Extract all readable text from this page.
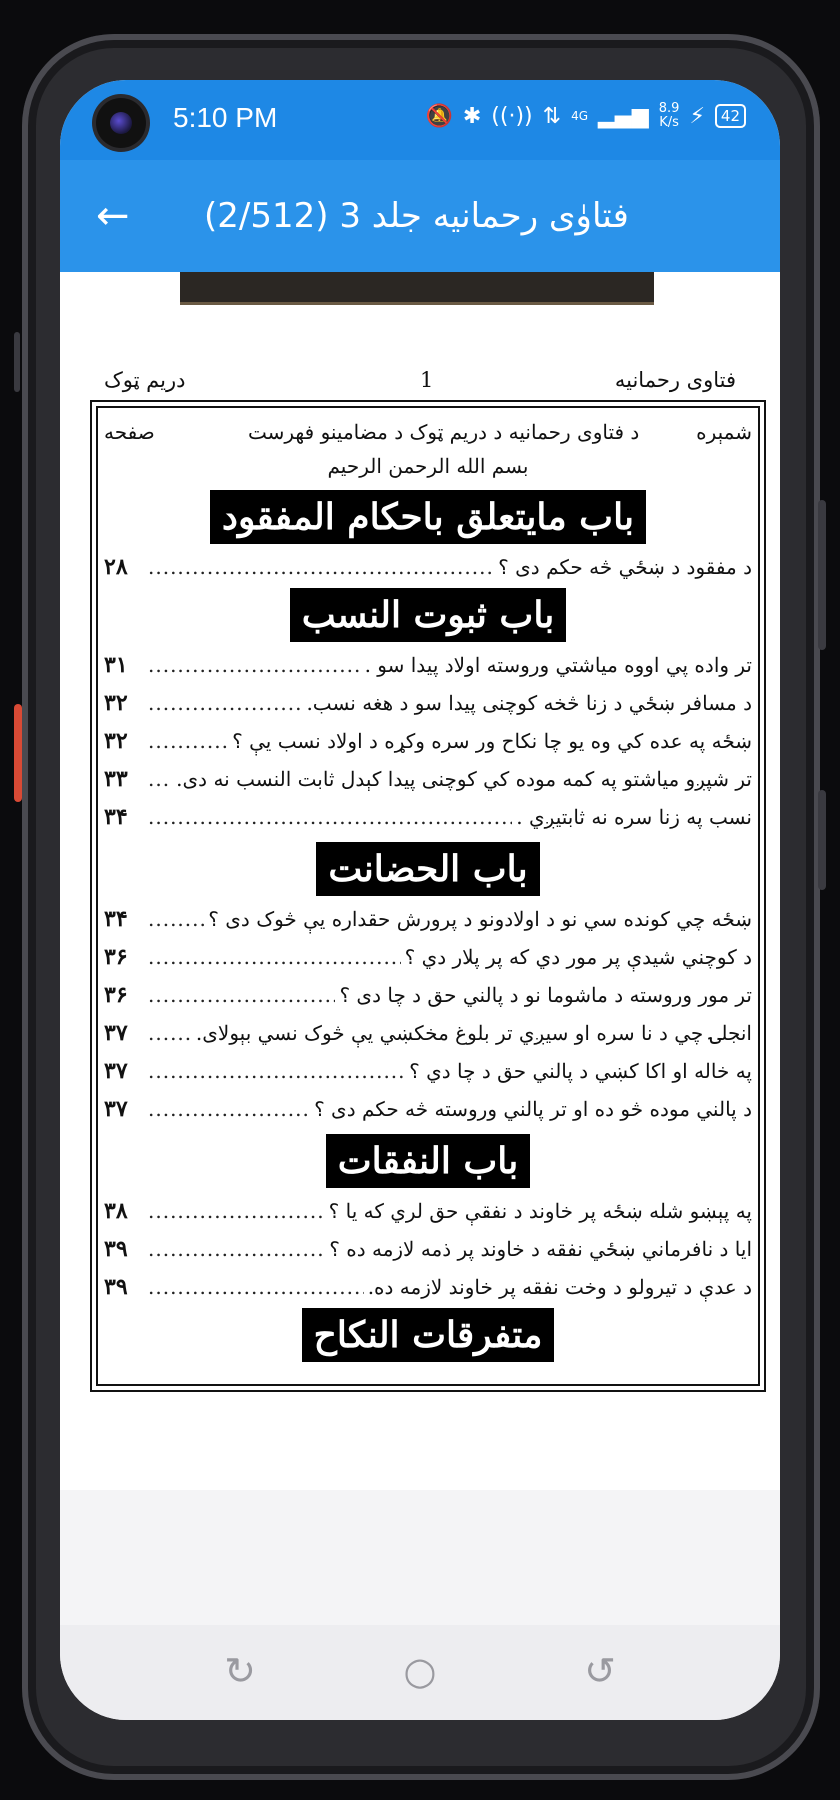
5:10 PM	🔕 ✱ ((·)) ⇅ 4G ▂▄▆ 8.9
K/s ⚡	42
← فتاوٰی رحمانیه جلد 3 (2/512)
دریم ټوک	1	فتاوی رحمانیه
صفحه	د فتاوی رحمانیه د دریم ټوک د مضامینو فهرست	شمېره
بسم الله الرحمن الرحیم
باب مایتعلق باحکام المفقود
۲۸ .....	د مفقود د ښځي څه حکم دی ؟
باب ثبوت النسب
۳۱ .....	تر واده پي اووه میاشتي وروسته اولاد پیدا سو .
۳۲ .....	د مسافر ښځي د زنا څخه کوچنی پیدا سو د هغه نسب.
۳۲ .....	ښځه په عده کي وه یو چا نکاح ور سره وکړه د اولاد نسب یې ؟
۳۳ .....	تر شپږو میاشتو په کمه موده کي کوچنی پیدا کېدل ثابت النسب نه دی.
۳۴ .....	نسب په زنا سره نه ثابتیږي .
باب الحضانت
۳۴ .....	ښځه چي کونده سي نو د اولادونو د پرورش حقداره یې څوک دی ؟
۳۶ .....	د کوچني شیدې پر مور دي که پر پلار دي ؟
۳۶ .....	تر مور وروسته د ماشوما نو د پالني حق د چا دی ؟
۳۷ .....	انجلۍ چي د نا سره او سیږي تر بلوغ مخکښي یې څوک نسي بېولای.
۳۷ .....	په خاله او اکا کښي د پالني حق د چا دي ؟
۳۷ .....	د پالني موده څو ده او تر پالني وروسته څه حکم دی ؟
باب النفقات
۳۸ .....	په پېښو شله ښځه پر خاوند د نفقې حق لري که یا ؟
۳۹ .....	ایا د نافرماني ښځي نفقه د خاوند پر ذمه لازمه ده ؟
۳۹ .....	د عدې د تیرولو د وخت نفقه پر خاوند لازمه ده.
متفرقات النکاح
↻	○	↺
